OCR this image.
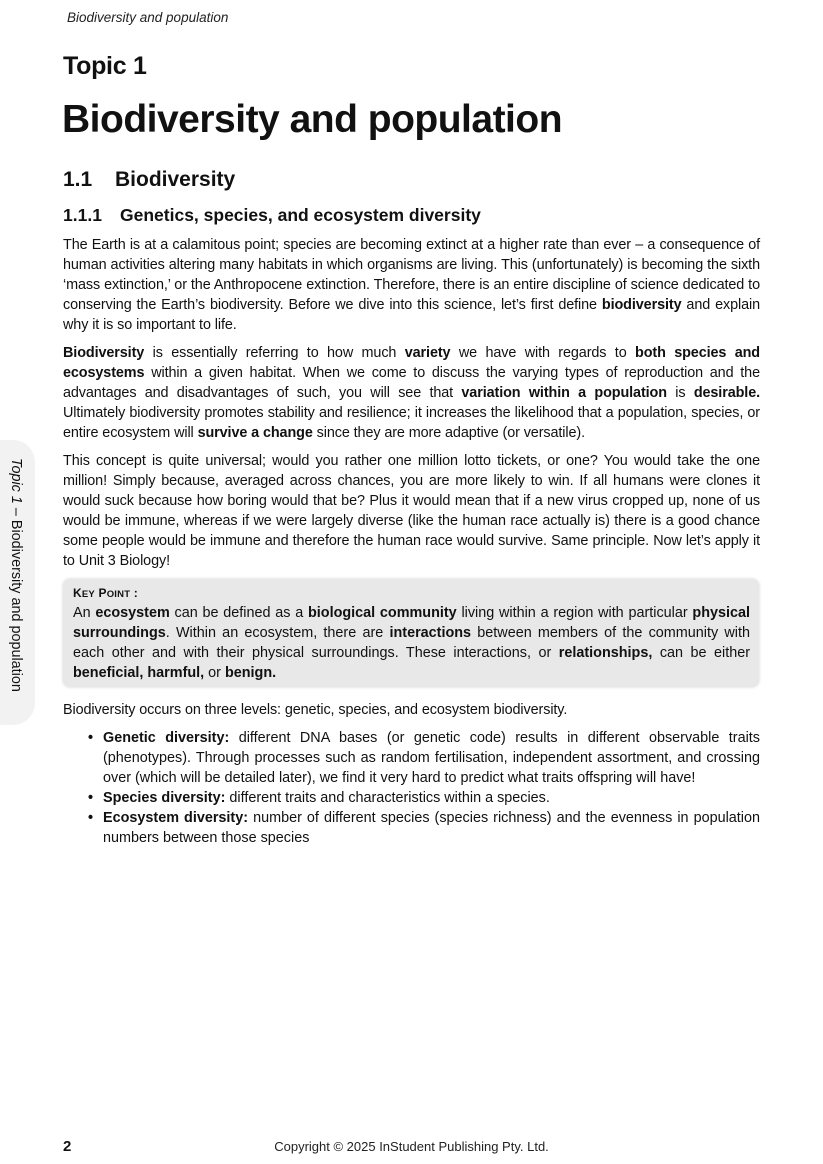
Biodiversity and population
Topic 1
Biodiversity and population
1.1 Biodiversity
1.1.1 Genetics, species, and ecosystem diversity
The Earth is at a calamitous point; species are becoming extinct at a higher rate than ever – a consequence of human activities altering many habitats in which organisms are living. This (unfortunately) is becoming the sixth ‘mass extinction,’ or the Anthropocene extinction. Therefore, there is an entire discipline of science dedicated to conserving the Earth’s biodiversity. Before we dive into this science, let’s first define biodiversity and explain why it is so important to life.
Biodiversity is essentially referring to how much variety we have with regards to both species and ecosystems within a given habitat. When we come to discuss the varying types of reproduction and the advantages and disadvantages of such, you will see that variation within a population is desirable. Ultimately biodiversity promotes stability and resilience; it increases the likelihood that a population, species, or entire ecosystem will survive a change since they are more adaptive (or versatile).
This concept is quite universal; would you rather one million lotto tickets, or one? You would take the one million! Simply because, averaged across chances, you are more likely to win. If all humans were clones it would suck because how boring would that be? Plus it would mean that if a new virus cropped up, none of us would be immune, whereas if we were largely diverse (like the human race actually is) there is a good chance some people would be immune and therefore the human race would survive. Same principle. Now let’s apply it to Unit 3 Biology!
KEY POINT :
An ecosystem can be defined as a biological community living within a region with particular physical surroundings. Within an ecosystem, there are interactions between members of the community with each other and with their physical surroundings. These interactions, or relationships, can be either beneficial, harmful, or benign.
Biodiversity occurs on three levels: genetic, species, and ecosystem biodiversity.
• Genetic diversity: different DNA bases (or genetic code) results in different observable traits (phenotypes). Through processes such as random fertilisation, independent assortment, and crossing over (which will be detailed later), we find it very hard to predict what traits offspring will have!
• Species diversity: different traits and characteristics within a species.
• Ecosystem diversity: number of different species (species richness) and the evenness in population numbers between those species
Topic 1 – Biodiversity and population
2	Copyright © 2025 InStudent Publishing Pty. Ltd.
